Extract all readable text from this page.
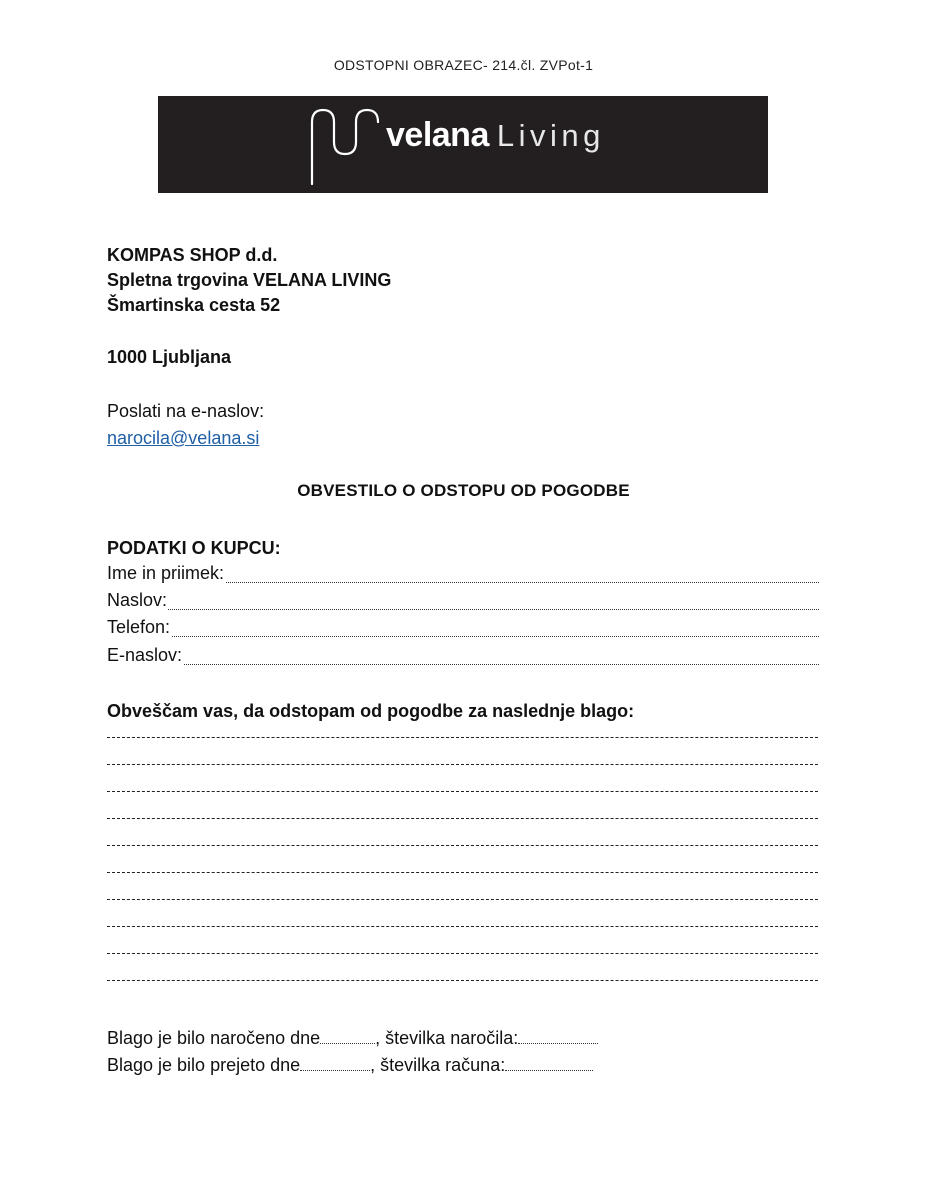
ODSTOPNI OBRAZEC- 214.čl. ZVPot-1
velana Living
KOMPAS SHOP d.d.
Spletna trgovina VELANA LIVING
Šmartinska cesta 52
1000 Ljubljana
Poslati na e-naslov:
narocila@velana.si
OBVESTILO O ODSTOPU OD POGODBE
PODATKI O KUPCU:
Ime in priimek:
Naslov:
Telefon:
E-naslov:
Obveščam vas, da odstopam od pogodbe za naslednje blago:
Blago je bilo naročeno dne	, številka naročila:
Blago je bilo prejeto dne	, številka računa:
